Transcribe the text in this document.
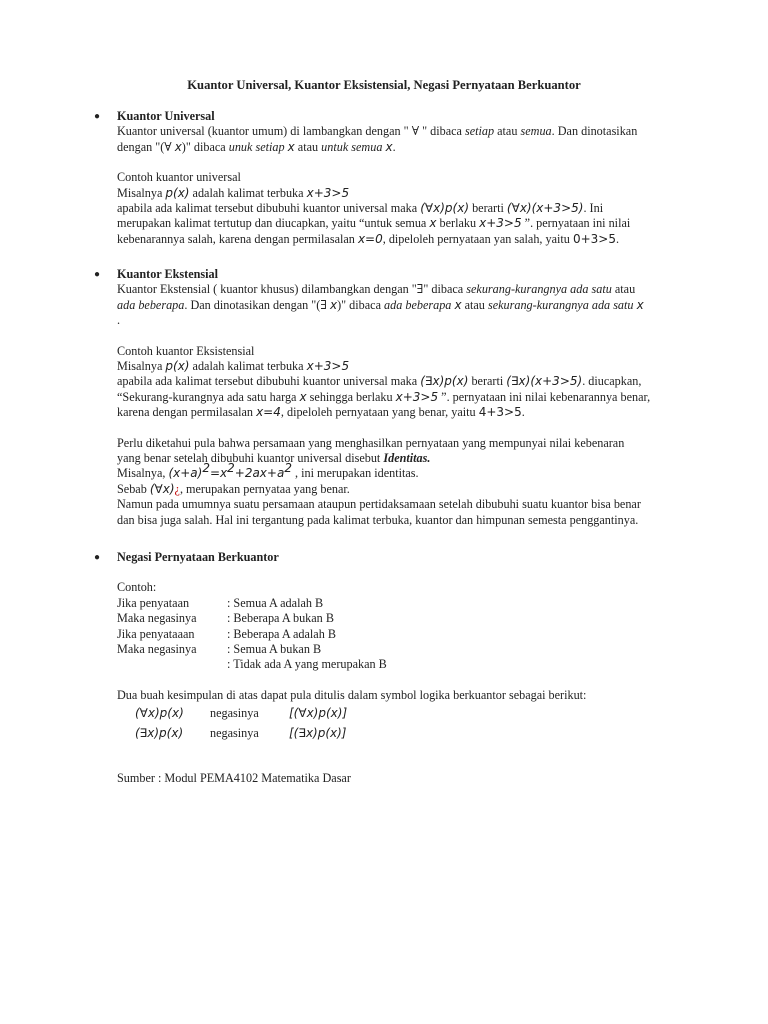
Kuantor Universal, Kuantor Eksistensial, Negasi Pernyataan Berkuantor
● Kuantor Universal
Kuantor universal (kuantor umum) di lambangkan dengan " ∀ " dibaca setiap atau semua. Dan dinotasikan
dengan "(∀ x)" dibaca unuk setiap x atau untuk semua x.
Contoh kuantor universal
Misalnya p(x) adalah kalimat terbuka x+3>5
apabila ada kalimat tersebut dibubuhi kuantor universal maka (∀x)p(x) berarti (∀x)(x+3>5). Ini
merupakan kalimat tertutup dan diucapkan, yaitu “untuk semua x berlaku x+3>5 ”. pernyataan ini nilai
kebenarannya salah, karena dengan permilasalan x=0, dipeloleh pernyataan yan salah, yaitu 0+3>5.
● Kuantor Ekstensial
Kuantor Ekstensial ( kuantor khusus) dilambangkan dengan "∃" dibaca sekurang-kurangnya ada satu atau
ada beberapa. Dan dinotasikan dengan "(∃ x)" dibaca ada beberapa x atau sekurang-kurangnya ada satu x
.
Contoh kuantor Eksistensial
Misalnya p(x) adalah kalimat terbuka x+3>5
apabila ada kalimat tersebut dibubuhi kuantor universal maka (∃x)p(x) berarti (∃x)(x+3>5). diucapkan,
“Sekurang-kurangnya ada satu harga x sehingga berlaku x+3>5 ”. pernyataan ini nilai kebenarannya benar,
karena dengan permilasalan x=4, dipeloleh pernyataan yang benar, yaitu 4+3>5.
Perlu diketahui pula bahwa persamaan yang menghasilkan pernyataan yang mempunyai nilai kebenaran
yang benar setelah dibubuhi kuantor universal disebut Identitas.
Misalnya, $(x+a)^2=x^2+2ax+a^2$ , ini merupakan identitas.
Sebab (∀x)¿, merupakan pernyataa yang benar.
Namun pada umumnya suatu persamaan ataupun pertidaksamaan setelah dibubuhi suatu kuantor bisa benar
dan bisa juga salah. Hal ini tergantung pada kalimat terbuka, kuantor dan himpunan semesta penggantinya.
● Negasi Pernyataan Berkuantor
Contoh:
Jika penyataan	: Semua A adalah B
Maka negasinya	: Beberapa A bukan B
Jika penyataaan	: Beberapa A adalah B
Maka negasinya	: Semua A bukan B
	: Tidak ada A yang merupakan B
Dua buah kesimpulan di atas dapat pula ditulis dalam symbol logika berkuantor sebagai berikut:
(∀x)p(x) negasinya	[(∀x)p(x)]
(∃x)p(x) negasinya	[(∃x)p(x)]
Sumber : Modul PEMA4102 Matematika Dasar
